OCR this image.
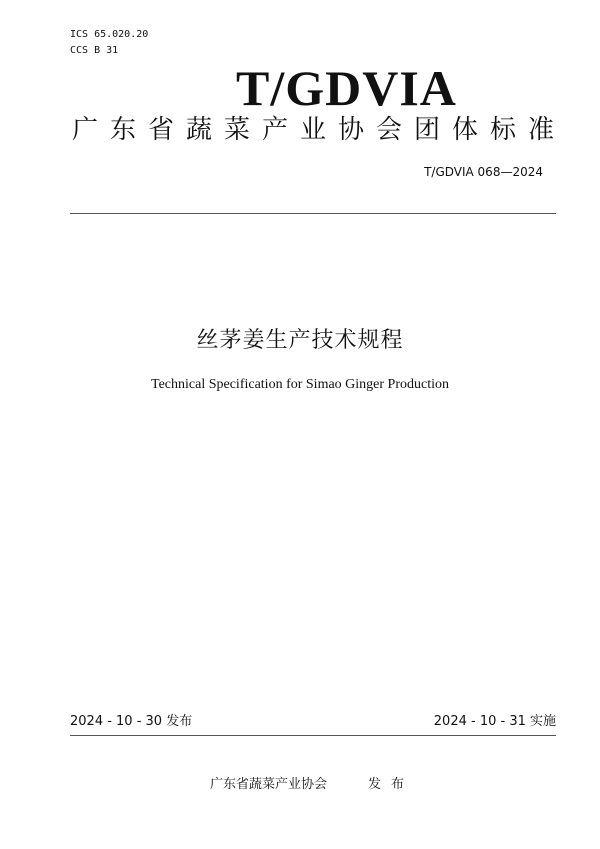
ICS 65.020.20
CCS B 31
T/GDVIA
广东省蔬菜产业协会团体标准
T/GDVIA 068—2024
丝茅姜生产技术规程
Technical Specification for Simao Ginger Production
2024 - 10 - 30 发布	2024 - 10 - 31 实施
广东省蔬菜产业协会	发布
